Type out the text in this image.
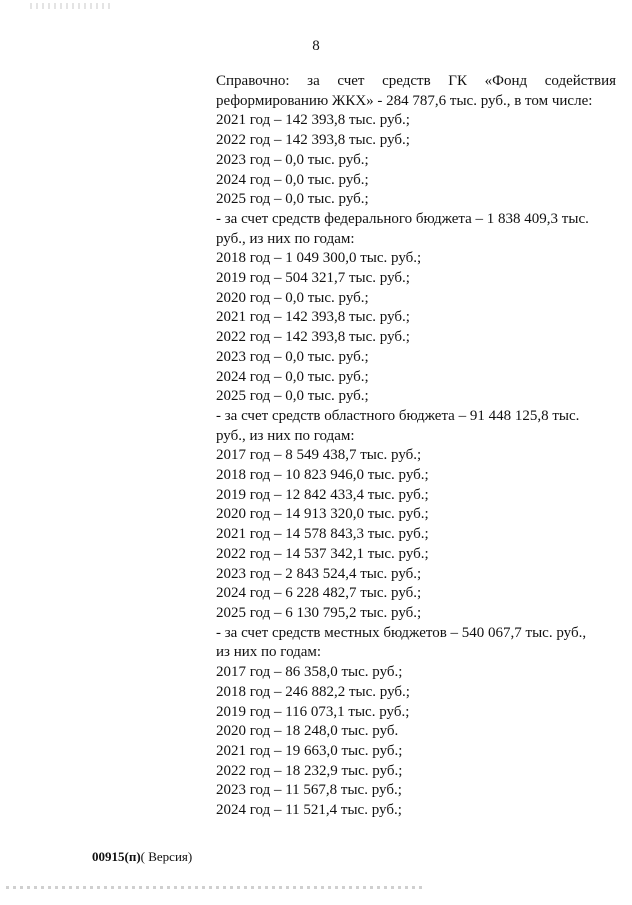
8
Справочно: за счет средств ГК «Фонд содействия
реформированию ЖКХ» - 284 787,6 тыс. руб., в том числе:
2021 год – 142 393,8 тыс. руб.;
2022 год – 142 393,8 тыс. руб.;
2023 год – 0,0 тыс. руб.;
2024 год – 0,0 тыс. руб.;
2025 год – 0,0 тыс. руб.;
- за счет средств федерального бюджета – 1 838 409,3 тыс.
руб., из них по годам:
2018 год – 1 049 300,0 тыс. руб.;
2019 год – 504 321,7 тыс. руб.;
2020 год – 0,0 тыс. руб.;
2021 год – 142 393,8 тыс. руб.;
2022 год – 142 393,8 тыс. руб.;
2023 год – 0,0 тыс. руб.;
2024 год – 0,0 тыс. руб.;
2025 год – 0,0 тыс. руб.;
- за счет средств областного бюджета – 91 448 125,8 тыс.
руб., из них по годам:
2017 год – 8 549 438,7 тыс. руб.;
2018 год – 10 823 946,0 тыс. руб.;
2019 год – 12 842 433,4 тыс. руб.;
2020 год – 14 913 320,0 тыс. руб.;
2021 год – 14 578 843,3 тыс. руб.;
2022 год – 14 537 342,1 тыс. руб.;
2023 год – 2 843 524,4 тыс. руб.;
2024 год – 6 228 482,7 тыс. руб.;
2025 год – 6 130 795,2 тыс. руб.;
- за счет средств местных бюджетов – 540 067,7 тыс. руб.,
из них по годам:
2017 год – 86 358,0 тыс. руб.;
2018 год – 246 882,2 тыс. руб.;
2019 год – 116 073,1 тыс. руб.;
2020 год – 18 248,0 тыс. руб.
2021 год – 19 663,0 тыс. руб.;
2022 год – 18 232,9 тыс. руб.;
2023 год – 11 567,8 тыс. руб.;
2024 год – 11 521,4 тыс. руб.;
00915(п)( Версия)
